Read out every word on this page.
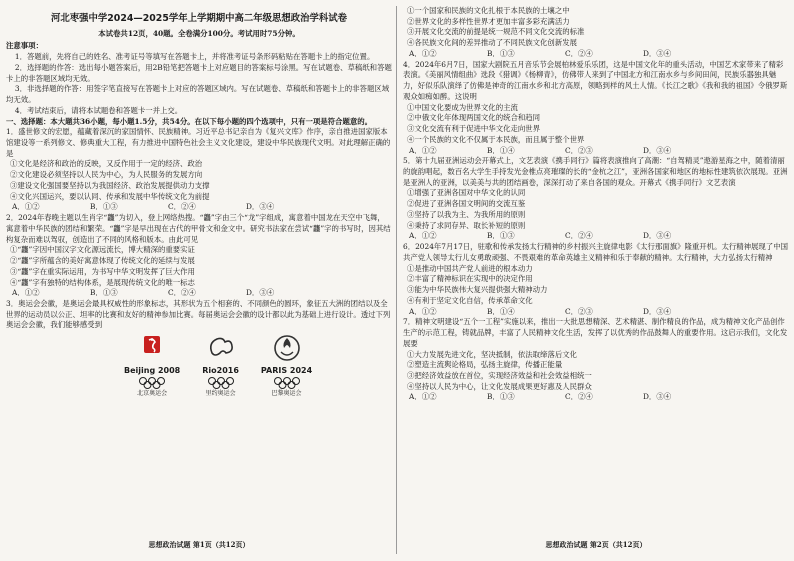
河北枣强中学2024—2025学年上学期期中高二年级思想政治学科试卷
本试卷共12页，40题。全卷满分100分。考试用时75分钟。
注意事项：
1．答题前，先将自己的姓名、准考证号等填写在答题卡上，并将准考证号条形码粘贴在答题卡上的指定位置。
2．选择题的作答：选出每小题答案后，用2B铅笔把答题卡上对应题目的答案标号涂黑。写在试题卷、草稿纸和答题卡上的非答题区域均无效。
3．非选择题的作答：用签字笔直接写在答题卡上对应的答题区域内。写在试题卷、草稿纸和答题卡上的非答题区域均无效。
4．考试结束后，请将本试题卷和答题卡一并上交。
一、选择题：本大题共36小题，每小题1.5分，共54分。在以下每小题的四个选项中，只有一项是符合题意的。
1．盛世修文的宏愿，蕴藏着深沉的家国情怀、民族精神。习近平总书记亲自为《复兴文库》作序，亲自推进国家版本馆建设等一系列修文、修典重大工程，有力推进中国特色社会主义文化建设，建设中华民族现代文明。对此理解正确的是
①文化是经济和政治的反映，又反作用于一定的经济、政治
②文化建设必须坚持以人民为中心，为人民服务的发展方向
③建设文化强国要坚持以为我国经济、政治发展提供动力支撑
④文化兴国运兴，要以认同、传承和发展中华传统文化为前提
A．①②	B．①③	C．②④	D．③④
2．2024年春晚主题以生肖字“龘”为切入，登上网络热搜。“龘”字由三个“龙”字组成，寓意着中国龙在天空中飞舞，寓意着中华民族的团结和繁荣。“龘”字是早出现在古代的甲骨文和金文中。研究书法家在尝试“龘”字的书写时，因其结构复杂而难以驾驭，创造出了不同的风格和版本。由此可见
①“龘”字因中国汉字文化源远流长，博大精深的重要实证
②“龘”字所蕴含的美好寓意体现了传统文化的延续与发展
③“龘”字在重实际运用，为书写中华文明发挥了巨大作用
④“龘”字有独特的结构体系，是展现传统文化的唯一标志
A．①②	B．①③	C．②④	D．③④
3．奥运会会徽，是奥运会最具权威性的形象标志，其形状为五个相套的、不同颜色的圆环，象征五大洲的团结以及全世界的运动员以公正、坦率的比赛和友好的精神参加比赛。每届奥运会会徽的设计都以此为基础上进行设计。透过下列奥运会会徽，我们能够感受到
Beijing 2008
北京奥运会
Rio2016
里约奥运会
PARIS 2024
巴黎奥运会
思想政治试题 第1页（共12页）
①一个国家和民族的文化扎根于本民族的土壤之中
②世界文化的多样性世界才更加丰富多彩充满活力
③开展文化交流的前提是统一规范不同文化交流的标准
④各民族文化间的差异推动了不同民族文化创新发展
A．①②	B．①③	C．②④	D．③④
4．2024年6月7日，国家大剧院五月音乐节会展柏林爱乐乐团，这是中国文化年的重头活动，中国艺术家带来了精彩表演。《美丽风情组曲》选段《猎调》《杨柳青》，仿佛带人来到了中国北方和江南水乡与乡间田间，民族乐器独具魅力，好似乐队演绎了仿佛是神奇的江南水乡和北方高原，领略到样的风土人情。《长江之歌》《我和我的祖国》令俄罗斯观众如痴如醉。这说明
①中国文化要成为世界文化的主流
②中俄文化年体现两国文化的统合和趋同
③文化交流有利于促进中华文化走向世界
④一个民族的文化不仅属于本民族，而且属于整个世界
A．①②	B．①④	C．②③	D．③④
5．第十九届亚洲运动会开幕式上，文艺表演《携手同行》篇将表演推向了高潮：“自驾精灵”遨游星海之中，随着清丽的旋韵唱起，数百名大学生手持发光金椎点亮璀璨的长的“金杭之江”，亚洲各国家和地区的地标性建筑依次展现。亚洲是亚洲人的亚洲，以美美与共的团结画卷，深深打动了来自各国的观众。开幕式《携手同行》文艺表演
①增强了亚洲各国对中华文化的认同
②促进了亚洲各国文明间的交流互鉴
③坚持了以我为主、为我所用的原则
④秉持了求同存异、取长补短的原则
A．①②	B．①③	C．②④	D．③④
6．2024年7月17日，驻歌和传承发扬太行精神的乡村振兴主旋律电影《太行那面旗》隆重开机。太行精神展现了中国共产党人领导太行儿女勇敢顽强、不畏艰难的革命英雄主义精神和乐于奉献的精神。太行精神，大力弘扬太行精神
①是推动中国共产党人前进的根本动力
②丰富了精神标识在实现中的决定作用
③能为中华民族伟大复兴提供强大精神动力
④有利于坚定文化自信，传承革命文化
A．①②	B．①④	C．②③	D．③④
7．精神文明建设“五个一工程”实施以来，推出一大批思想精深、艺术精湛、制作精良的作品，成为精神文化产品创作生产的示范工程，铸就品牌，丰富了人民精神文化生活，发挥了以优秀的作品鼓舞人的重要作用。这启示我们，文化发展要
①大力发展先进文化，坚决抵制，依法取缔落后文化
②塑造主流舆论格局，弘扬主旋律，传播正能量
③把经济效益放在首位，实现经济效益和社会效益相统一
④坚持以人民为中心，让文化发展成果更好惠及人民群众
A．①②	B．①③	C．②④	D．③④
思想政治试题 第2页（共12页）
